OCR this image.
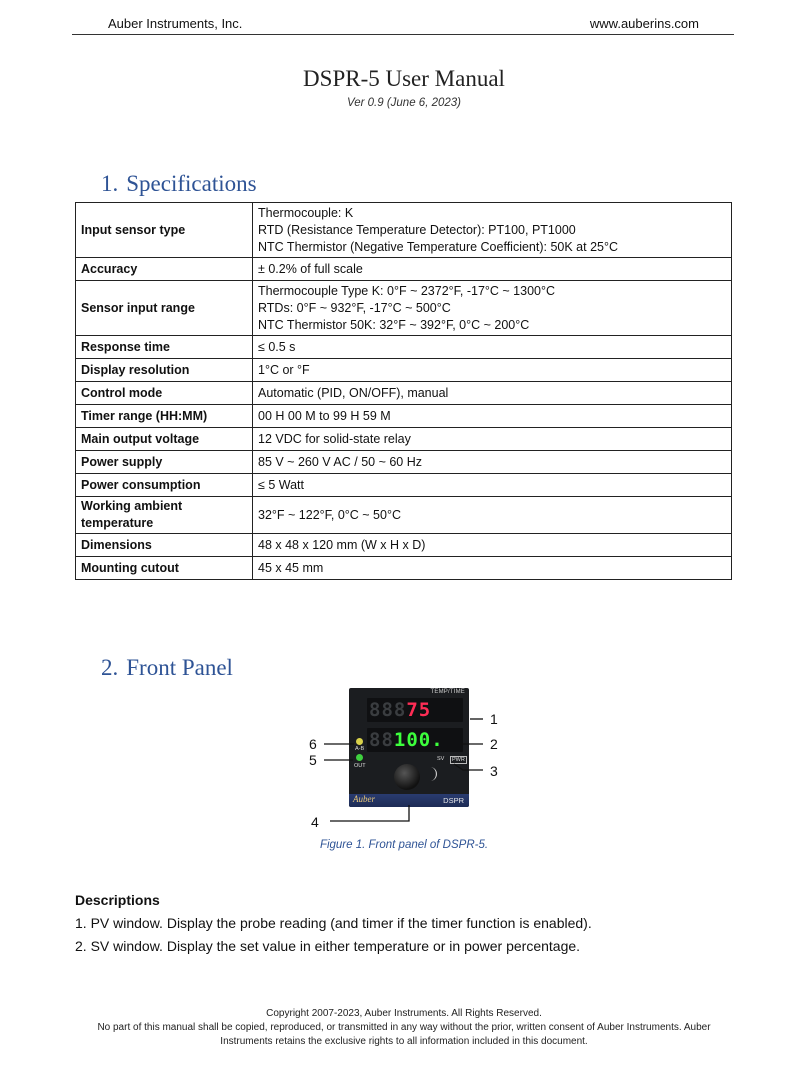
Auber Instruments, Inc.	www.auberins.com
DSPR-5 User Manual
Ver 0.9 (June 6, 2023)
1. Specifications
Input sensor type	Thermocouple: K
RTD (Resistance Temperature Detector): PT100, PT1000
NTC Thermistor (Negative Temperature Coefficient): 50K at 25°C

Accuracy	± 0.2% of full scale
Sensor input range	Thermocouple Type K: 0°F ~ 2372°F, -17°C ~ 1300°C
RTDs: 0°F ~ 932°F, -17°C ~ 500°C
NTC Thermistor 50K: 32°F ~ 392°F, 0°C ~ 200°C

Response time	≤ 0.5 s
Display resolution	1°C or °F
Control mode	Automatic (PID, ON/OFF), manual
Timer range (HH:MM)	00 H 00 M to 99 H 59 M
Main output voltage	12 VDC for solid-state relay
Power supply	85 V ~ 260 V AC / 50 ~ 60 Hz
Power consumption	≤ 5 Watt
Working ambient temperature	32°F ~ 122°F, 0°C ~ 50°C
Dimensions	48 x 48 x 120 mm (W x H x D)
Mounting cutout	45 x 45 mm
2. Front Panel
TEMP/TIME
88875
88100.
A-B
OUT
SV	PWR
Auber	DSPR
1
2
3
4
5
6
Figure 1. Front panel of DSPR-5.
Descriptions
1. PV window. Display the probe reading (and timer if the timer function is enabled).
2. SV window. Display the set value in either temperature or in power percentage.
Copyright 2007-2023, Auber Instruments. All Rights Reserved.
No part of this manual shall be copied, reproduced, or transmitted in any way without the prior, written consent of Auber Instruments. Auber Instruments retains the exclusive rights to all information included in this document.
